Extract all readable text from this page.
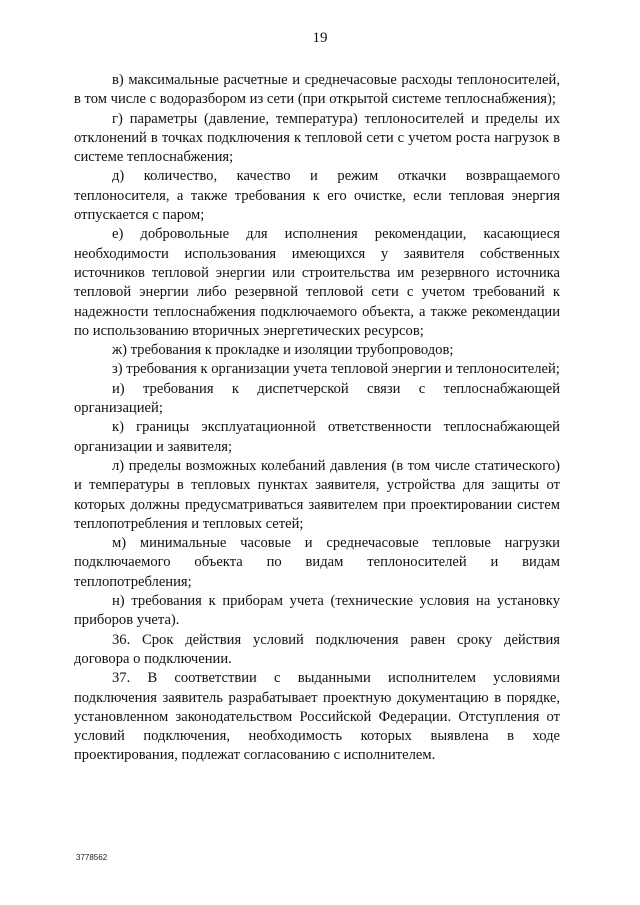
19

в) максимальные расчетные и среднечасовые расходы теплоносителей, в том числе с водоразбором из сети (при открытой системе теплоснабжения);

г) параметры (давление, температура) теплоносителей и пределы их отклонений в точках подключения к тепловой сети с учетом роста нагрузок в системе теплоснабжения;

д) количество, качество и режим откачки возвращаемого теплоносителя, а также требования к его очистке, если тепловая энергия отпускается с паром;

е) добровольные для исполнения рекомендации, касающиеся необходимости использования имеющихся у заявителя собственных источников тепловой энергии или строительства им резервного источника тепловой энергии либо резервной тепловой сети с учетом требований к надежности теплоснабжения подключаемого объекта, а также рекомендации по использованию вторичных энергетических ресурсов;

ж) требования к прокладке и изоляции трубопроводов;

з) требования к организации учета тепловой энергии и теплоносителей;

и) требования к диспетчерской связи с теплоснабжающей организацией;

к) границы эксплуатационной ответственности теплоснабжающей организации и заявителя;

л) пределы возможных колебаний давления (в том числе статического) и температуры в тепловых пунктах заявителя, устройства для защиты от которых должны предусматриваться заявителем при проектировании систем теплопотребления и тепловых сетей;

м) минимальные часовые и среднечасовые тепловые нагрузки подключаемого объекта по видам теплоносителей и видам теплопотребления;

н) требования к приборам учета (технические условия на установку приборов учета).

36. Срок действия условий подключения равен сроку действия договора о подключении.

37. В соответствии с выданными исполнителем условиями подключения заявитель разрабатывает проектную документацию в порядке, установленном законодательством Российской Федерации. Отступления от условий подключения, необходимость которых выявлена в ходе проектирования, подлежат согласованию с исполнителем.

3778562
